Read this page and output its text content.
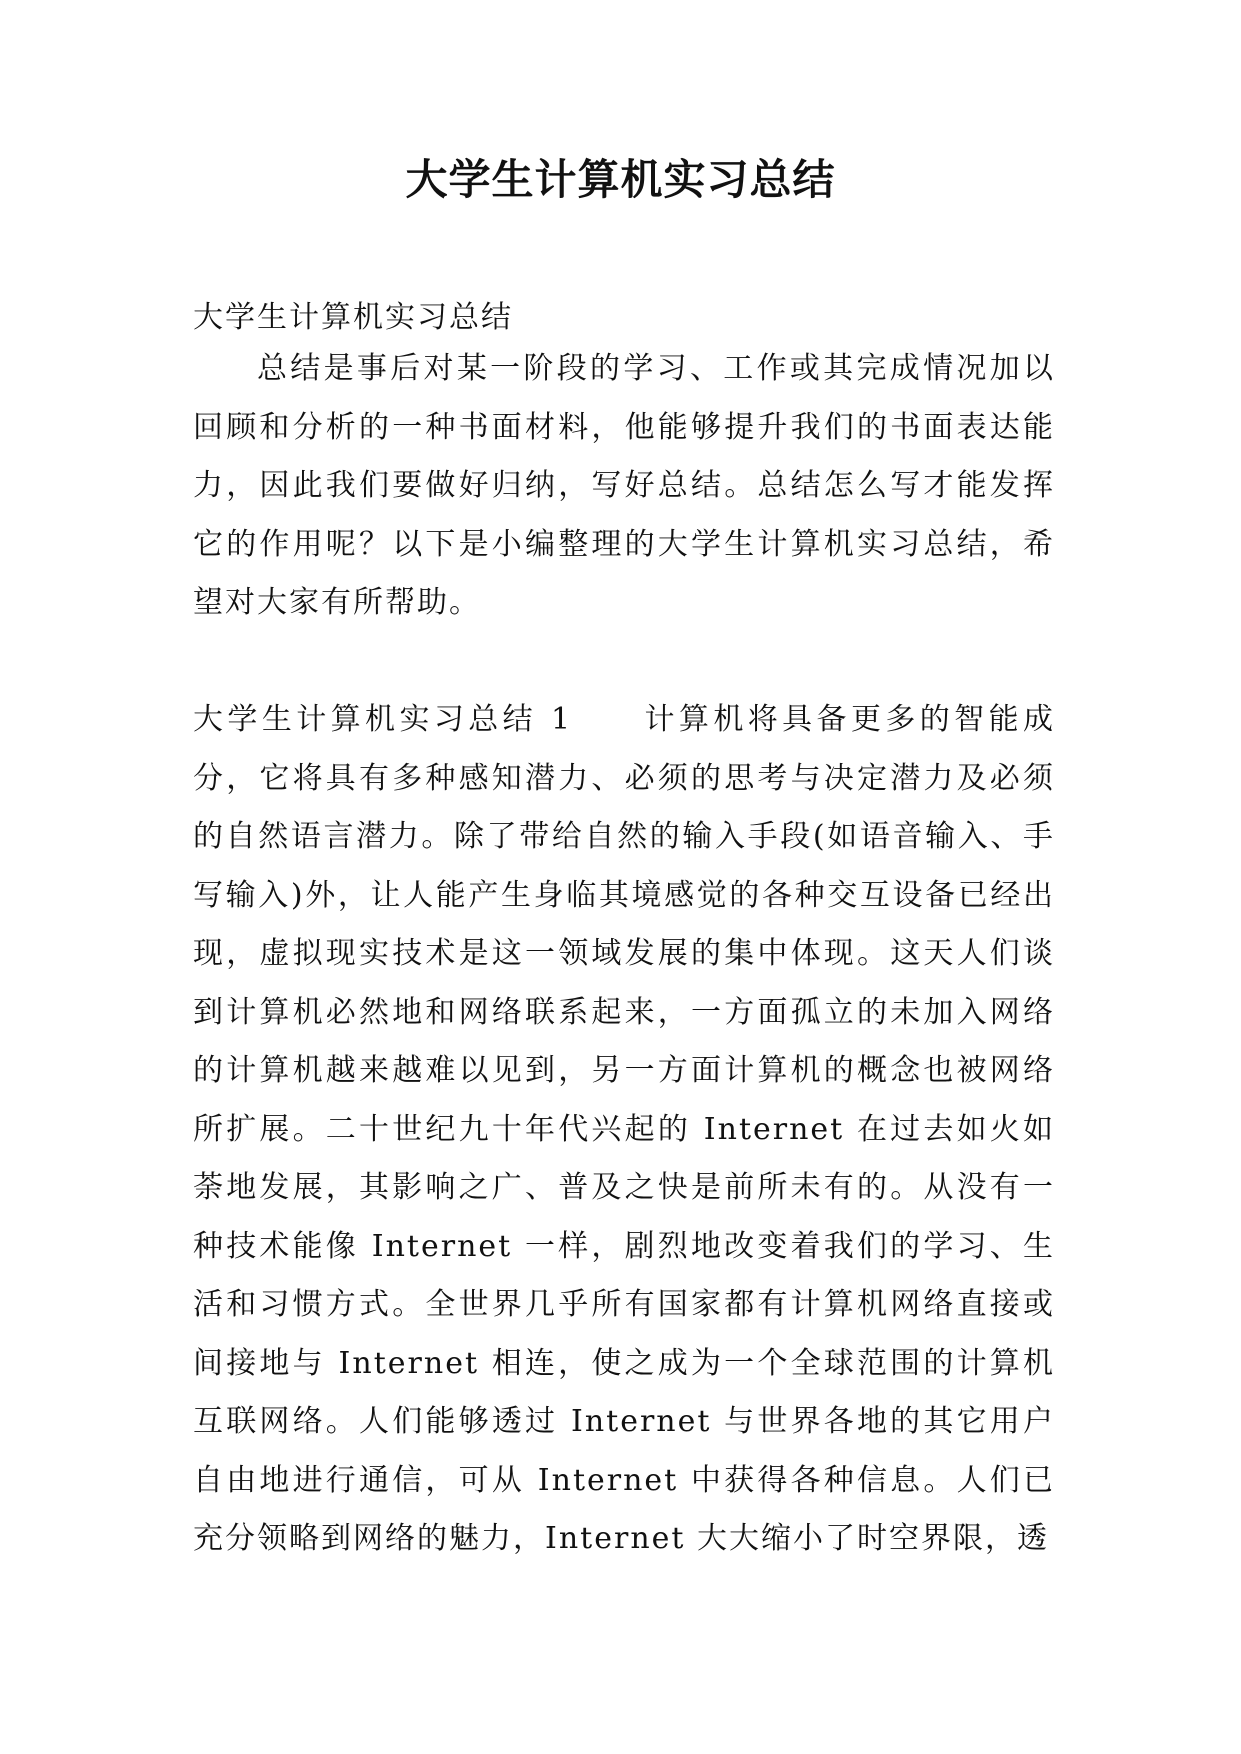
大学生计算机实习总结

大学生计算机实习总结

总结是事后对某一阶段的学习、工作或其完成情况加以回顾和分析的一种书面材料，他能够提升我们的书面表达能力，因此我们要做好归纳，写好总结。总结怎么写才能发挥它的作用呢？以下是小编整理的大学生计算机实习总结，希望对大家有所帮助。

大学生计算机实习总结 1 计算机将具备更多的智能成分，它将具有多种感知潜力、必须的思考与决定潜力及必须的自然语言潜力。除了带给自然的输入手段(如语音输入、手写输入)外，让人能产生身临其境感觉的各种交互设备已经出现，虚拟现实技术是这一领域发展的集中体现。这天人们谈到计算机必然地和网络联系起来，一方面孤立的未加入网络的计算机越来越难以见到，另一方面计算机的概念也被网络所扩展。二十世纪九十年代兴起的 Internet 在过去如火如荼地发展，其影响之广、普及之快是前所未有的。从没有一种技术能像 Internet 一样，剧烈地改变着我们的学习、生活和习惯方式。全世界几乎所有国家都有计算机网络直接或间接地与 Internet 相连，使之成为一个全球范围的计算机互联网络。人们能够透过 Internet 与世界各地的其它用户自由地进行通信，可从 Internet 中获得各种信息。人们已充分领略到网络的魅力，Internet 大大缩小了时空界限，透
